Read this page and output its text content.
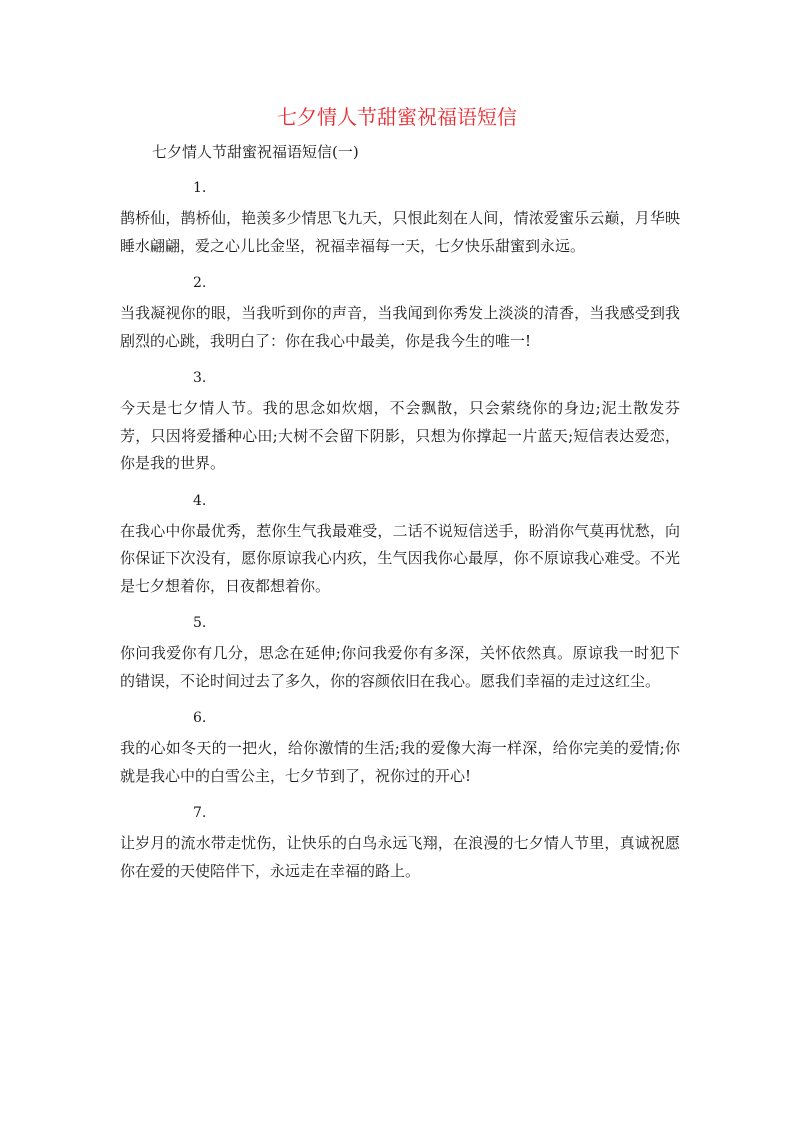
七夕情人节甜蜜祝福语短信

七夕情人节甜蜜祝福语短信(一)

1.
鹊桥仙，鹊桥仙，艳羡多少情思飞九天，只恨此刻在人间，情浓爱蜜乐云巅，月华映睡水翩翩，爱之心儿比金坚，祝福幸福每一天，七夕快乐甜蜜到永远。
2.
当我凝视你的眼，当我听到你的声音，当我闻到你秀发上淡淡的清香，当我感受到我剧烈的心跳，我明白了：你在我心中最美，你是我今生的唯一!
3.
今天是七夕情人节。我的思念如炊烟，不会飘散，只会萦绕你的身边;泥土散发芬芳，只因将爱播种心田;大树不会留下阴影，只想为你撑起一片蓝天;短信表达爱恋，你是我的世界。
4.
在我心中你最优秀，惹你生气我最难受，二话不说短信送手，盼消你气莫再忧愁，向你保证下次没有，愿你原谅我心内疚，生气因我你心最厚，你不原谅我心难受。不光是七夕想着你，日夜都想着你。
5.
你问我爱你有几分，思念在延伸;你问我爱你有多深，关怀依然真。原谅我一时犯下的错误，不论时间过去了多久，你的容颜依旧在我心。愿我们幸福的走过这红尘。
6.
我的心如冬天的一把火，给你激情的生活;我的爱像大海一样深，给你完美的爱情;你就是我心中的白雪公主，七夕节到了，祝你过的开心!
7.
让岁月的流水带走忧伤，让快乐的白鸟永远飞翔，在浪漫的七夕情人节里，真诚祝愿你在爱的天使陪伴下，永远走在幸福的路上。
